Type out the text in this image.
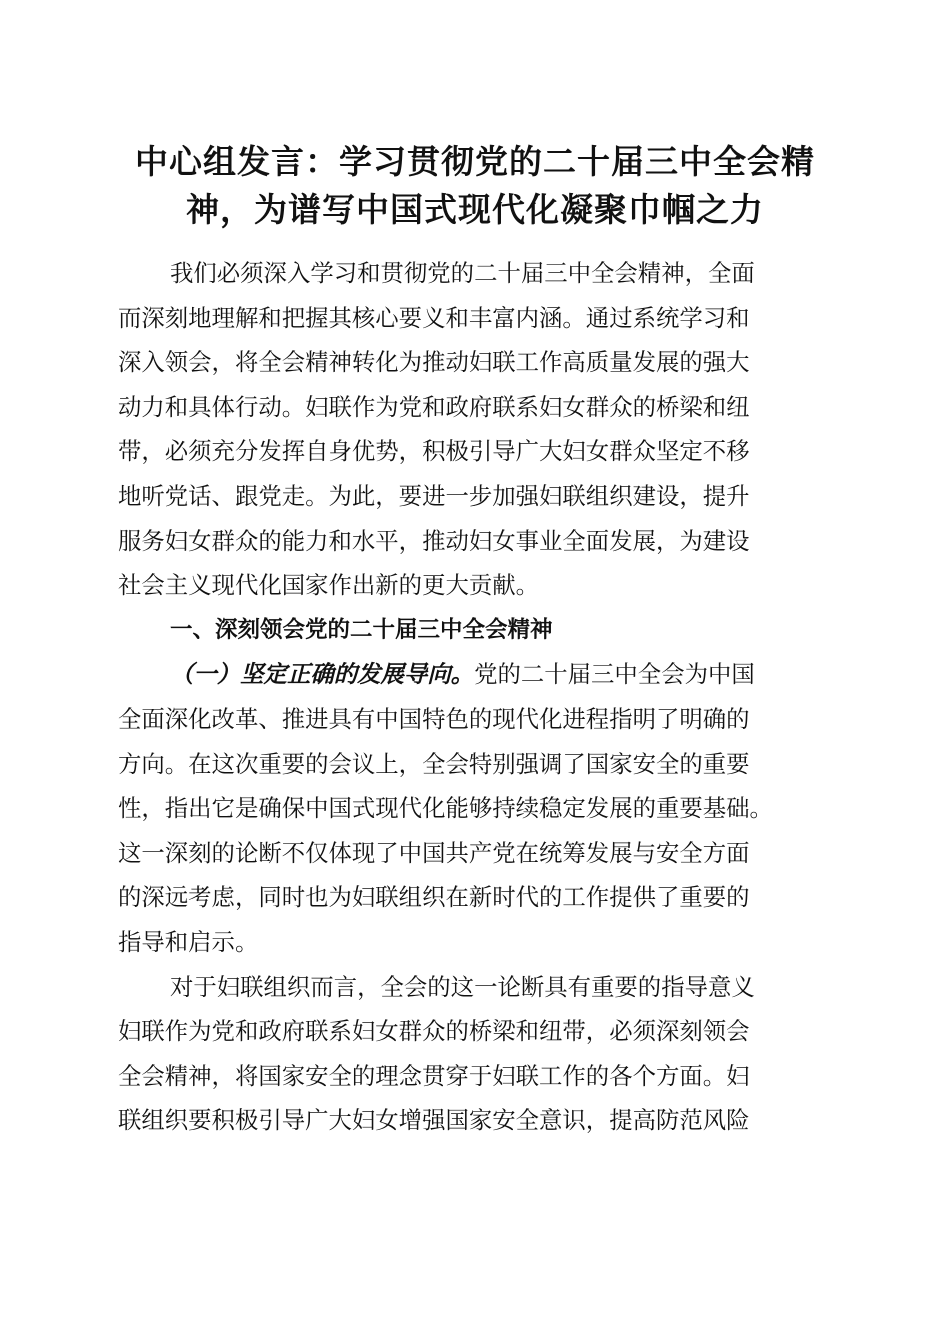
中心组发言：学习贯彻党的二十届三中全会精
神，为谱写中国式现代化凝聚巾帼之力
我们必须深入学习和贯彻党的二十届三中全会精神，全面
而深刻地理解和把握其核心要义和丰富内涵。通过系统学习和
深入领会，将全会精神转化为推动妇联工作高质量发展的强大
动力和具体行动。妇联作为党和政府联系妇女群众的桥梁和纽
带，必须充分发挥自身优势，积极引导广大妇女群众坚定不移
地听党话、跟党走。为此，要进一步加强妇联组织建设，提升
服务妇女群众的能力和水平，推动妇女事业全面发展，为建设
社会主义现代化国家作出新的更大贡献。
一、深刻领会党的二十届三中全会精神
（一）坚定正确的发展导向。党的二十届三中全会为中国
全面深化改革、推进具有中国特色的现代化进程指明了明确的
方向。在这次重要的会议上，全会特别强调了国家安全的重要
性，指出它是确保中国式现代化能够持续稳定发展的重要基础。
这一深刻的论断不仅体现了中国共产党在统筹发展与安全方面
的深远考虑，同时也为妇联组织在新时代的工作提供了重要的
指导和启示。
对于妇联组织而言，全会的这一论断具有重要的指导意义
妇联作为党和政府联系妇女群众的桥梁和纽带，必须深刻领会
全会精神，将国家安全的理念贯穿于妇联工作的各个方面。妇
联组织要积极引导广大妇女增强国家安全意识，提高防范风险
